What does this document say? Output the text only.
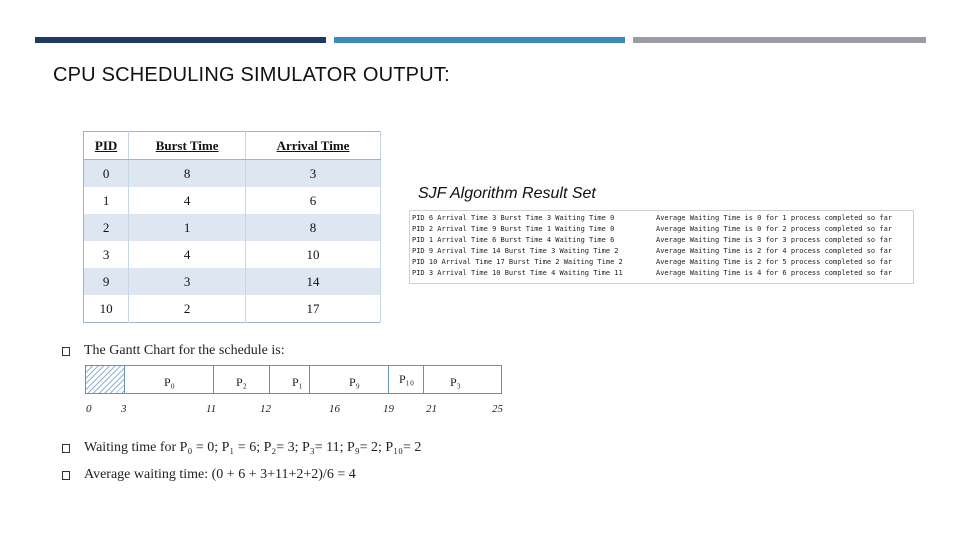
CPU SCHEDULING SIMULATOR OUTPUT:
PID	Burst Time	Arrival Time
0	8	3
1	4	6
2	1	8
3	4	10
9	3	14
10	2	17
SJF Algorithm Result Set
PID 6 Arrival Time 3 Burst Time 3 Waiting Time 0	Average Waiting Time is 0 for 1 process completed so far
PID 2 Arrival Time 9 Burst Time 1 Waiting Time 0	Average Waiting Time is 0 for 2 process completed so far
PID 1 Arrival Time 6 Burst Time 4 Waiting Time 6	Average Waiting Time is 3 for 3 process completed so far
PID 9 Arrival Time 14 Burst Time 3 Waiting Time 2	Average Waiting Time is 2 for 4 process completed so far
PID 10 Arrival Time 17 Burst Time 2 Waiting Time 2	Average Waiting Time is 2 for 5 process completed so far
PID 3 Arrival Time 10 Burst Time 4 Waiting Time 11	Average Waiting Time is 4 for 6 process completed so far
The Gantt Chart for the schedule is:
P₀	P₂	P₁	P₉	P₁₀	P₃
0	3	11	12	16	19	21	25
Waiting time for P₀ = 0; P₁ = 6; P₂= 3; P₃= 11; P₉= 2; P₁₀= 2
Average waiting time: (0 + 6 + 3+11+2+2)/6 = 4
